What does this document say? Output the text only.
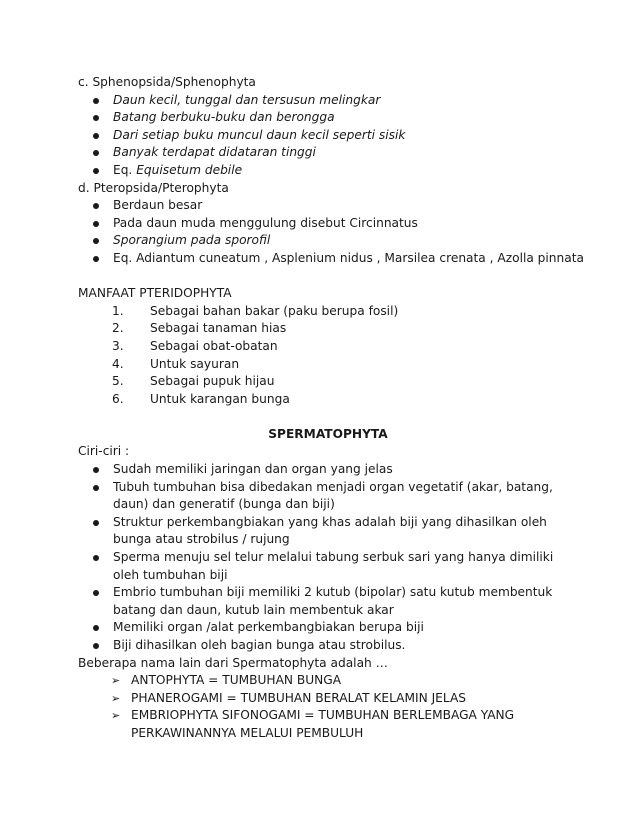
c. Sphenopsida/Sphenophyta
Daun kecil, tunggal dan tersusun melingkar
Batang berbuku-buku dan berongga
Dari setiap buku muncul daun kecil seperti sisik
Banyak terdapat didataran tinggi
Eq. Equisetum debile
d. Pteropsida/Pterophyta
Berdaun besar
Pada daun muda menggulung disebut Circinnatus
Sporangium pada sporofil
Eq. Adiantum cuneatum , Asplenium nidus , Marsilea crenata , Azolla pinnata
MANFAAT PTERIDOPHYTA
1. Sebagai bahan bakar (paku berupa fosil)
2. Sebagai tanaman hias
3. Sebagai obat-obatan
4. Untuk sayuran
5. Sebagai pupuk hijau
6. Untuk karangan bunga
SPERMATOPHYTA
Ciri-ciri :
Sudah memiliki jaringan dan organ yang jelas
Tubuh tumbuhan bisa dibedakan menjadi organ vegetatif (akar, batang, daun) dan generatif (bunga dan biji)
Struktur perkembangbiakan yang khas adalah biji yang dihasilkan oleh bunga atau strobilus / rujung
Sperma menuju sel telur melalui tabung serbuk sari yang hanya dimiliki oleh tumbuhan biji
Embrio tumbuhan biji memiliki 2 kutub (bipolar) satu kutub membentuk batang dan daun, kutub lain membentuk akar
Memiliki organ /alat perkembangbiakan berupa biji
Biji dihasilkan oleh bagian bunga atau strobilus.
Beberapa nama lain dari Spermatophyta adalah …
➢ ANTOPHYTA = TUMBUHAN BUNGA
➢ PHANEROGAMI = TUMBUHAN BERALAT KELAMIN JELAS
➢ EMBRIOPHYTA SIFONOGAMI = TUMBUHAN BERLEMBAGA YANG PERKAWINANNYA MELALUI PEMBULUH
